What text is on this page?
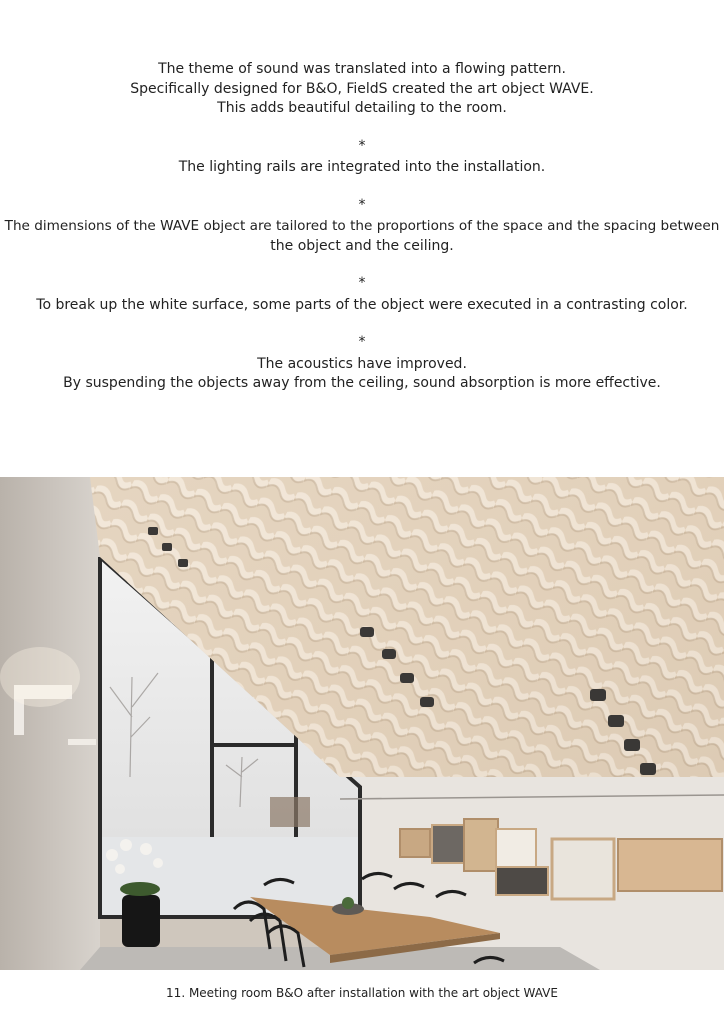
The theme of sound was translated into a flowing pattern.
Specifically designed for B&O, FieldS created the art object WAVE.
This adds beautiful detailing to the room.

*

The lighting rails are integrated into the installation.

*

The dimensions of the WAVE object are tailored to the proportions of the space and the spacing between
the object and the ceiling.

*

To break up the white surface, some parts of the object were executed in a contrasting color.

*

The acoustics have improved.
By suspending the objects away from the ceiling, sound absorption is more effective.

11. Meeting room B&O after installation with the art object WAVE
